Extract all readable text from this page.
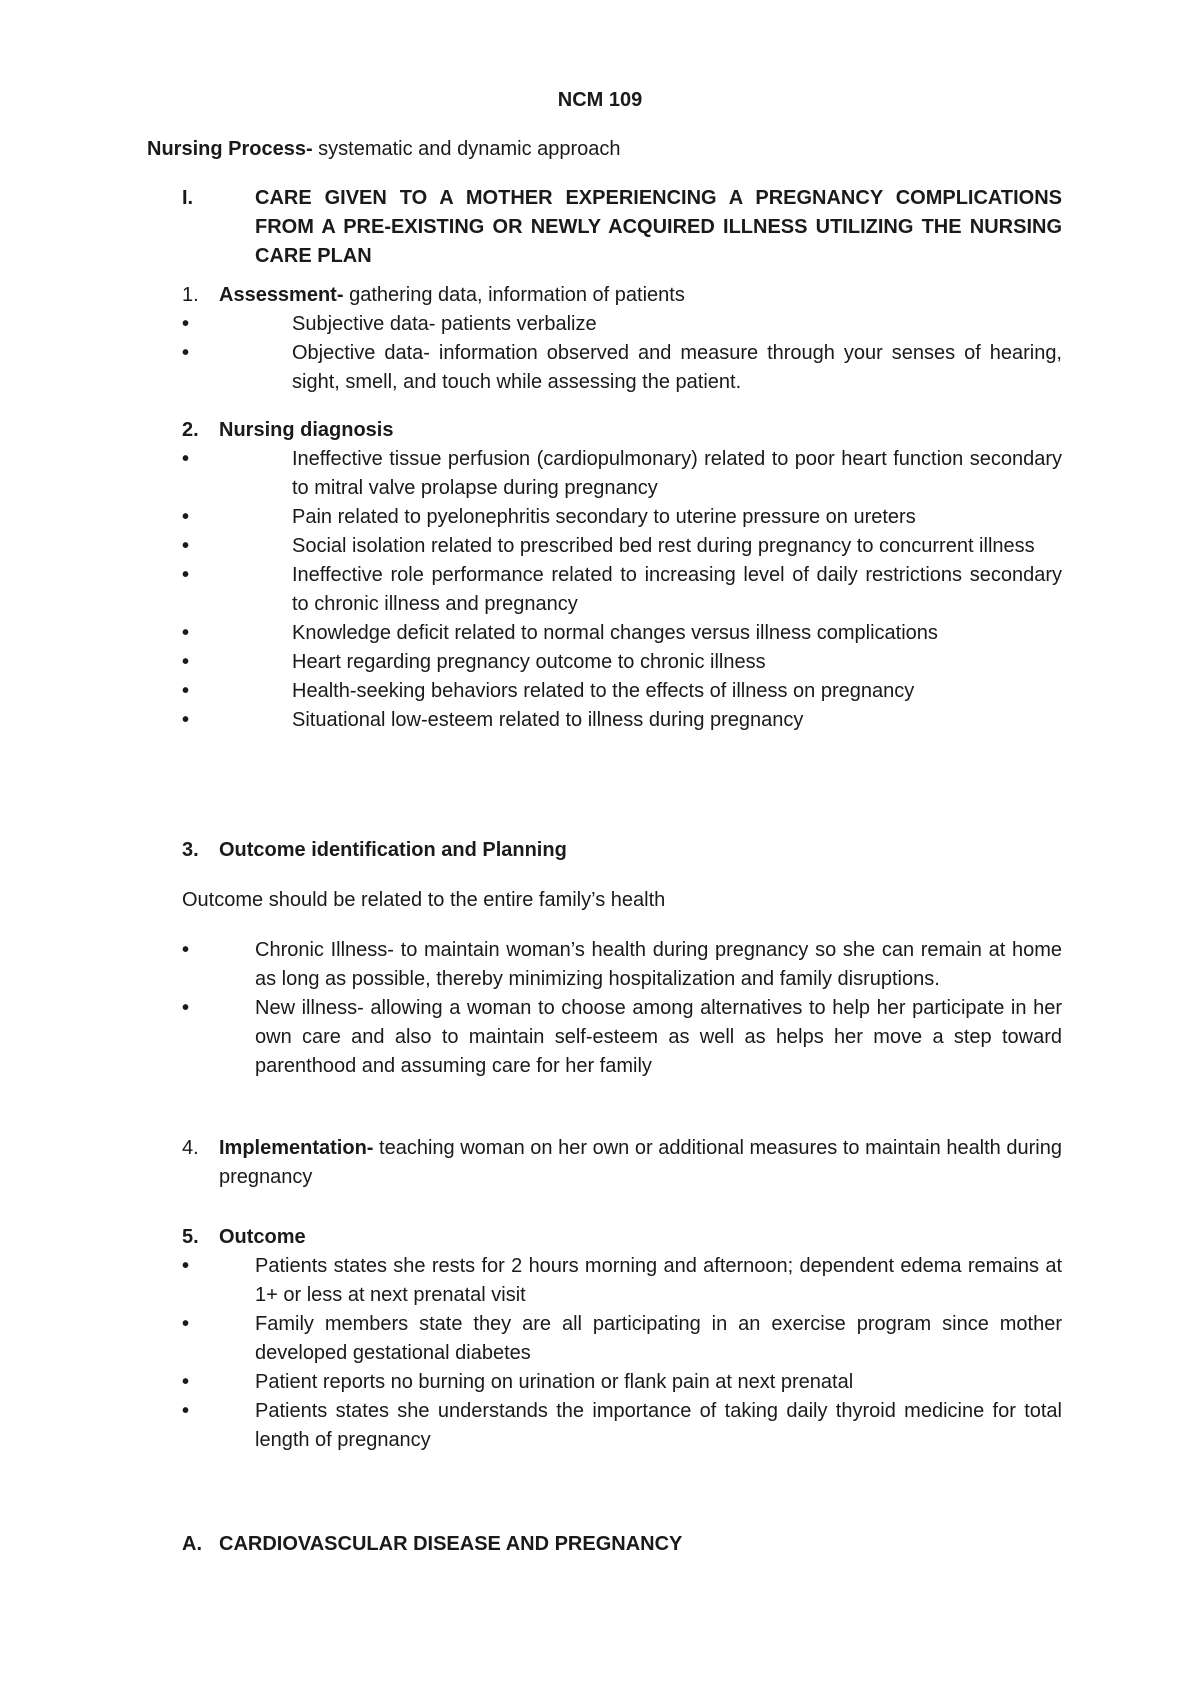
NCM 109
Nursing Process- systematic and dynamic approach
I.	CARE GIVEN TO A MOTHER EXPERIENCING A PREGNANCY COMPLICATIONS FROM A PRE-EXISTING OR NEWLY ACQUIRED ILLNESS UTILIZING THE NURSING CARE PLAN
1. Assessment- gathering data, information of patients
•	Subjective data- patients verbalize
•	Objective data- information observed and measure through your senses of hearing, sight, smell, and touch while assessing the patient.
2. Nursing diagnosis
•	Ineffective tissue perfusion (cardiopulmonary) related to poor heart function secondary to mitral valve prolapse during pregnancy
•	Pain related to pyelonephritis secondary to uterine pressure on ureters
•	Social isolation related to prescribed bed rest during pregnancy to concurrent illness
•	Ineffective role performance related to increasing level of daily restrictions secondary to chronic illness and pregnancy
•	Knowledge deficit related to normal changes versus illness complications
•	Heart regarding pregnancy outcome to chronic illness
•	Health-seeking behaviors related to the effects of illness on pregnancy
•	Situational low-esteem related to illness during pregnancy
3. Outcome identification and Planning
Outcome should be related to the entire family’s health
•	Chronic Illness- to maintain woman’s health during pregnancy so she can remain at home as long as possible, thereby minimizing hospitalization and family disruptions.
•	New illness- allowing a woman to choose among alternatives to help her participate in her own care and also to maintain self-esteem as well as helps her move a step toward parenthood and assuming care for her family
4.	Implementation- teaching woman on her own or additional measures to maintain health during pregnancy
5. Outcome
•	Patients states she rests for 2 hours morning and afternoon; dependent edema remains at 1+ or less at next prenatal visit
•	Family members state they are all participating in an exercise program since mother developed gestational diabetes
•	Patient reports no burning on urination or flank pain at next prenatal
•	Patients states she understands the importance of taking daily thyroid medicine for total length of pregnancy
A. CARDIOVASCULAR DISEASE AND PREGNANCY
